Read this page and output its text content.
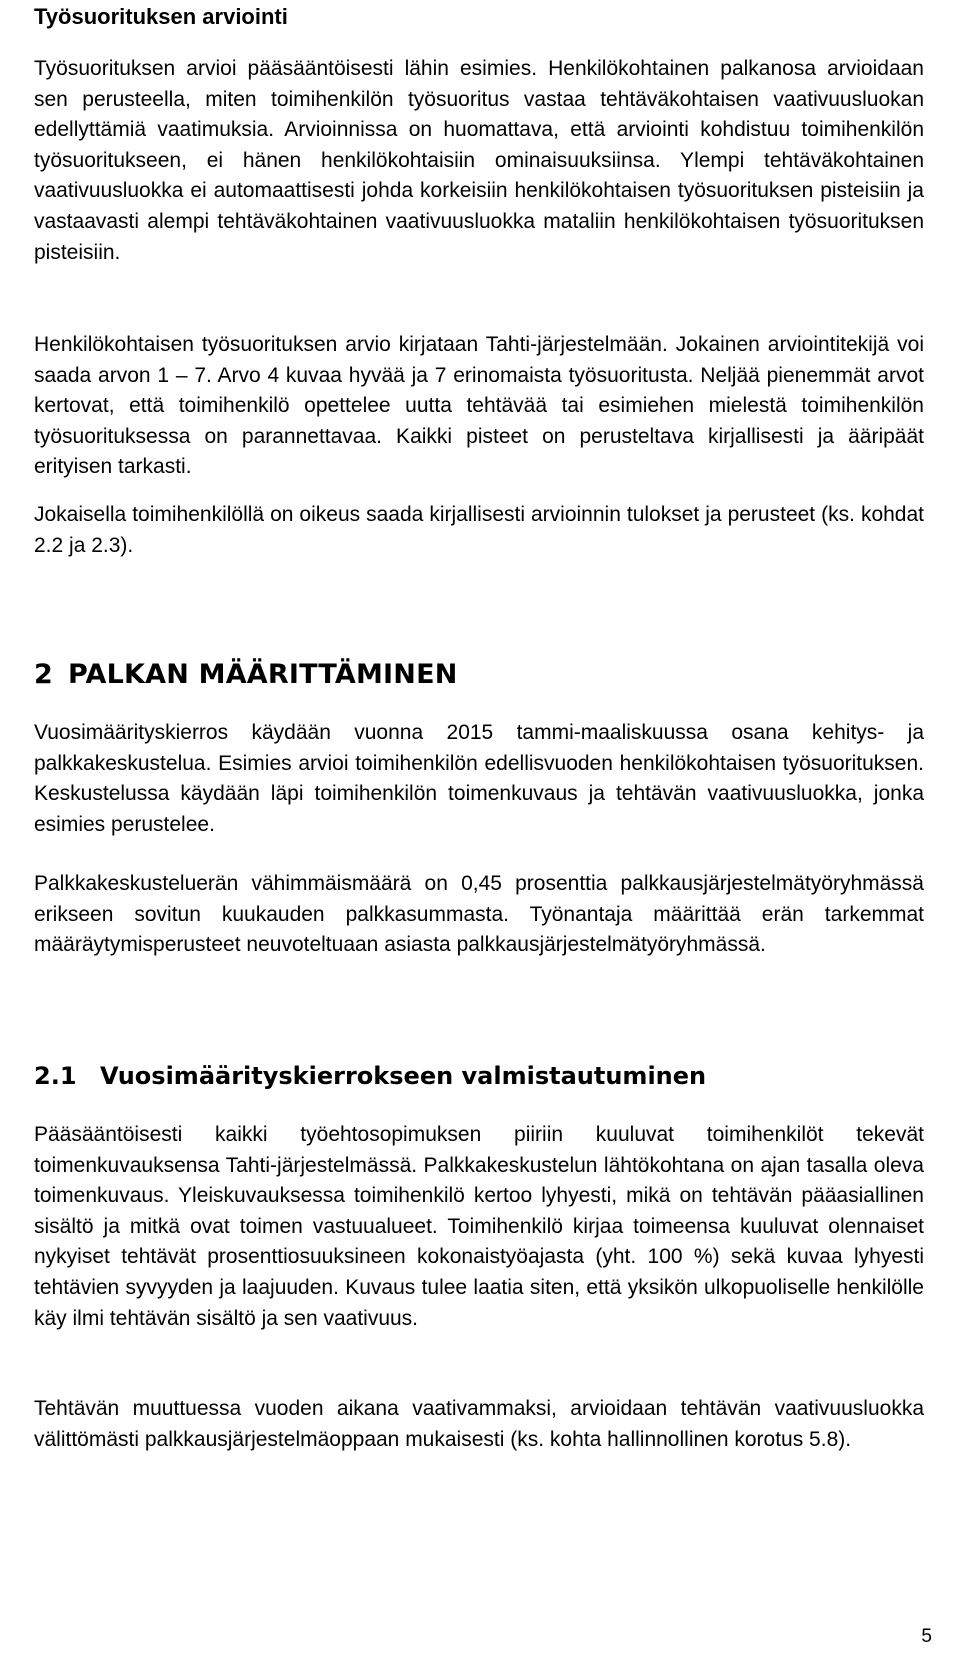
Työsuorituksen arviointi

Työsuorituksen arvioi pääsääntöisesti lähin esimies. Henkilökohtainen palkanosa arvioidaan sen perusteella, miten toimihenkilön työsuoritus vastaa tehtäväkohtaisen vaativuusluokan edellyttämiä vaatimuksia. Arvioinnissa on huomattava, että arviointi kohdistuu toimihenkilön työsuoritukseen, ei hänen henkilökohtaisiin ominaisuuksiinsa. Ylempi tehtäväkohtainen vaativuusluokka ei automaattisesti johda korkeisiin henkilökohtaisen työsuorituksen pisteisiin ja vastaavasti alempi tehtäväkohtainen vaativuusluokka mataliin henkilökohtaisen työsuorituksen pisteisiin.

Henkilökohtaisen työsuorituksen arvio kirjataan Tahti-järjestelmään. Jokainen arviointitekijä voi saada arvon 1 – 7. Arvo 4 kuvaa hyvää ja 7 erinomaista työsuoritusta. Neljää pienemmät arvot kertovat, että toimihenkilö opettelee uutta tehtävää tai esimiehen mielestä toimihenkilön työsuorituksessa on parannettavaa. Kaikki pisteet on perusteltava kirjallisesti ja ääripäät erityisen tarkasti.

Jokaisella toimihenkilöllä on oikeus saada kirjallisesti arvioinnin tulokset ja perusteet (ks. kohdat 2.2 ja 2.3).

2 PALKAN MÄÄRITTÄMINEN

Vuosimäärityskierros käydään vuonna 2015 tammi-maaliskuussa osana kehitys- ja palkkakeskustelua. Esimies arvioi toimihenkilön edellisvuoden henkilökohtaisen työsuorituksen. Keskustelussa käydään läpi toimihenkilön toimenkuvaus ja tehtävän vaativuusluokka, jonka esimies perustelee.

Palkkakeskusteluerän vähimmäismäärä on 0,45 prosenttia palkkausjärjestelmätyöryhmässä erikseen sovitun kuukauden palkkasummasta. Työnantaja määrittää erän tarkemmat määräytymisperusteet neuvoteltuaan asiasta palkkausjärjestelmätyöryhmässä.

2.1 Vuosimäärityskierrokseen valmistautuminen

Pääsääntöisesti kaikki työehtosopimuksen piiriin kuuluvat toimihenkilöt tekevät toimenkuvauksensa Tahti-järjestelmässä. Palkkakeskustelun lähtökohtana on ajan tasalla oleva toimenkuvaus. Yleiskuvauksessa toimihenkilö kertoo lyhyesti, mikä on tehtävän pääasiallinen sisältö ja mitkä ovat toimen vastuualueet. Toimihenkilö kirjaa toimeensa kuuluvat olennaiset nykyiset tehtävät prosenttiosuuksineen kokonaistyöajasta (yht. 100 %) sekä kuvaa lyhyesti tehtävien syvyyden ja laajuuden. Kuvaus tulee laatia siten, että yksikön ulkopuoliselle henkilölle käy ilmi tehtävän sisältö ja sen vaativuus.

Tehtävän muuttuessa vuoden aikana vaativammaksi, arvioidaan tehtävän vaativuusluokka välittömästi palkkausjärjestelmäoppaan mukaisesti (ks. kohta hallinnollinen korotus 5.8).

5
